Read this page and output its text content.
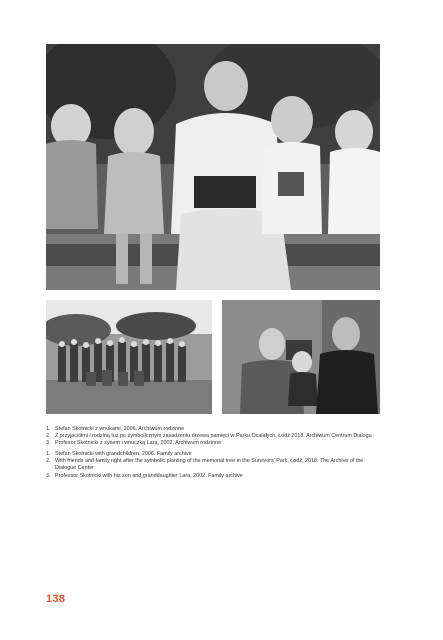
1. Stefan Skotnicki z wnukami, 2006. Archiwum rodzinne
2. Z przyjaciółmi i rodziną tuż po symbolicznym zasadzeniu drzewa pamięci w Parku Ocalałych, Łódź 2018. Archiwum Centrum Dialogu
3. Profesor Skotnicki z synem i wnuczką Larą, 2002. Archiwum rodzinne
1. Stefan Skotnicki with grandchildren, 2006. Family archive
2. With friends and family right after the symbolic planting of the memorial tree in the Survivors’ Park, Łódź, 2018. The Archive of the Dialogue Center
3. Professor Skotnicki with his son and granddaughter Lara, 2002. Family archive
138
